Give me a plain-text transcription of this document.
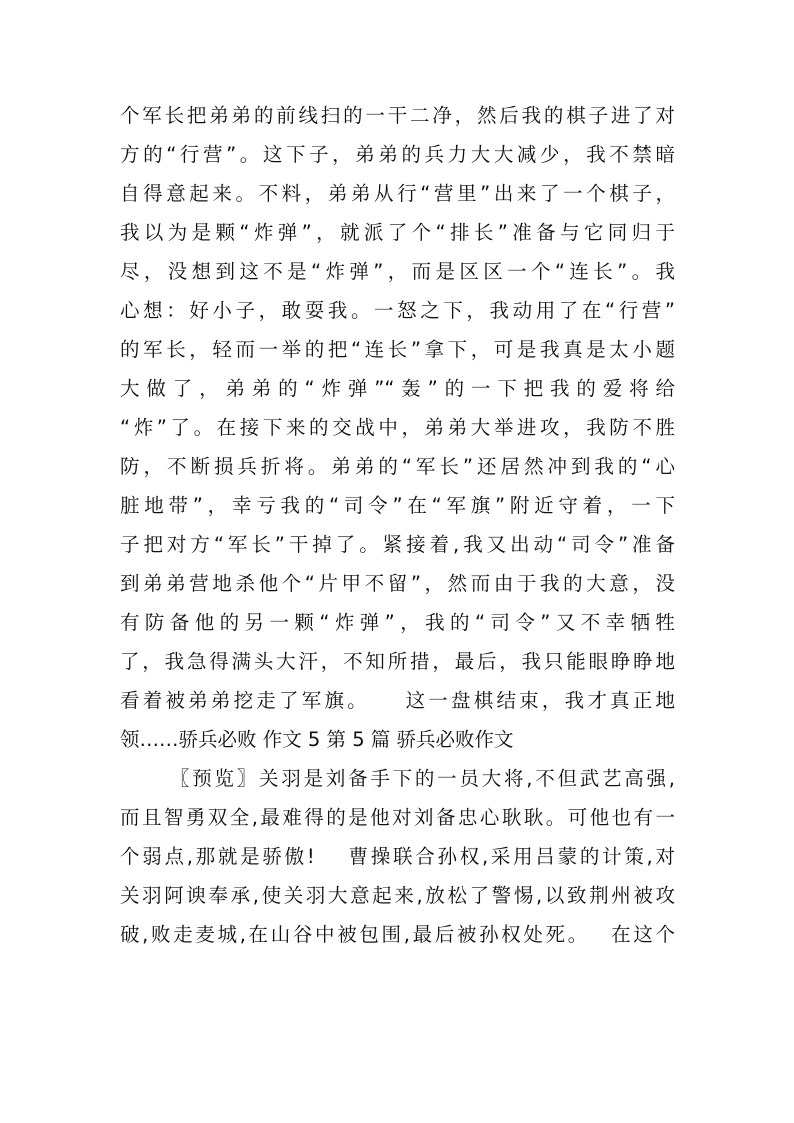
个军长把弟弟的前线扫的一干二净，然后我的棋子进了对
方的“行营”。这下子，弟弟的兵力大大减少，我不禁暗
自得意起来。不料，弟弟从行“营里”出来了一个棋子，
我以为是颗“炸弹”，就派了个“排长”准备与它同归于
尽，没想到这不是“炸弹”，而是区区一个“连长”。我
心想：好小子，敢耍我。一怒之下，我动用了在“行营”
的军长，轻而一举的把“连长”拿下，可是我真是太小题
大做了，弟弟的“炸弹”“轰”的一下把我的爱将给
“炸”了。在接下来的交战中，弟弟大举进攻，我防不胜
防，不断损兵折将。弟弟的“军长”还居然冲到我的“心
脏地带”，幸亏我的“司令”在“军旗”附近守着，一下
子把对方“军长”干掉了。紧接着,我又出动“司令”准备
到弟弟营地杀他个“片甲不留”，然而由于我的大意，没
有防备他的另一颗“炸弹”，我的“司令”又不幸牺牲
了，我急得满头大汗，不知所措，最后，我只能眼睁睁地
看着被弟弟挖走了军旗。　　这一盘棋结束，我才真正地
领……骄兵必败 作文 5 第 5 篇 骄兵必败作文
〖预览〗关羽是刘备手下的一员大将,不但武艺高强,
而且智勇双全,最难得的是他对刘备忠心耿耿。可他也有一
个弱点,那就是骄傲!　 曹操联合孙权,采用吕蒙的计策,对
关羽阿谀奉承,使关羽大意起来,放松了警惕,以致荆州被攻
破,败走麦城,在山谷中被包围,最后被孙权处死。　 在这个
